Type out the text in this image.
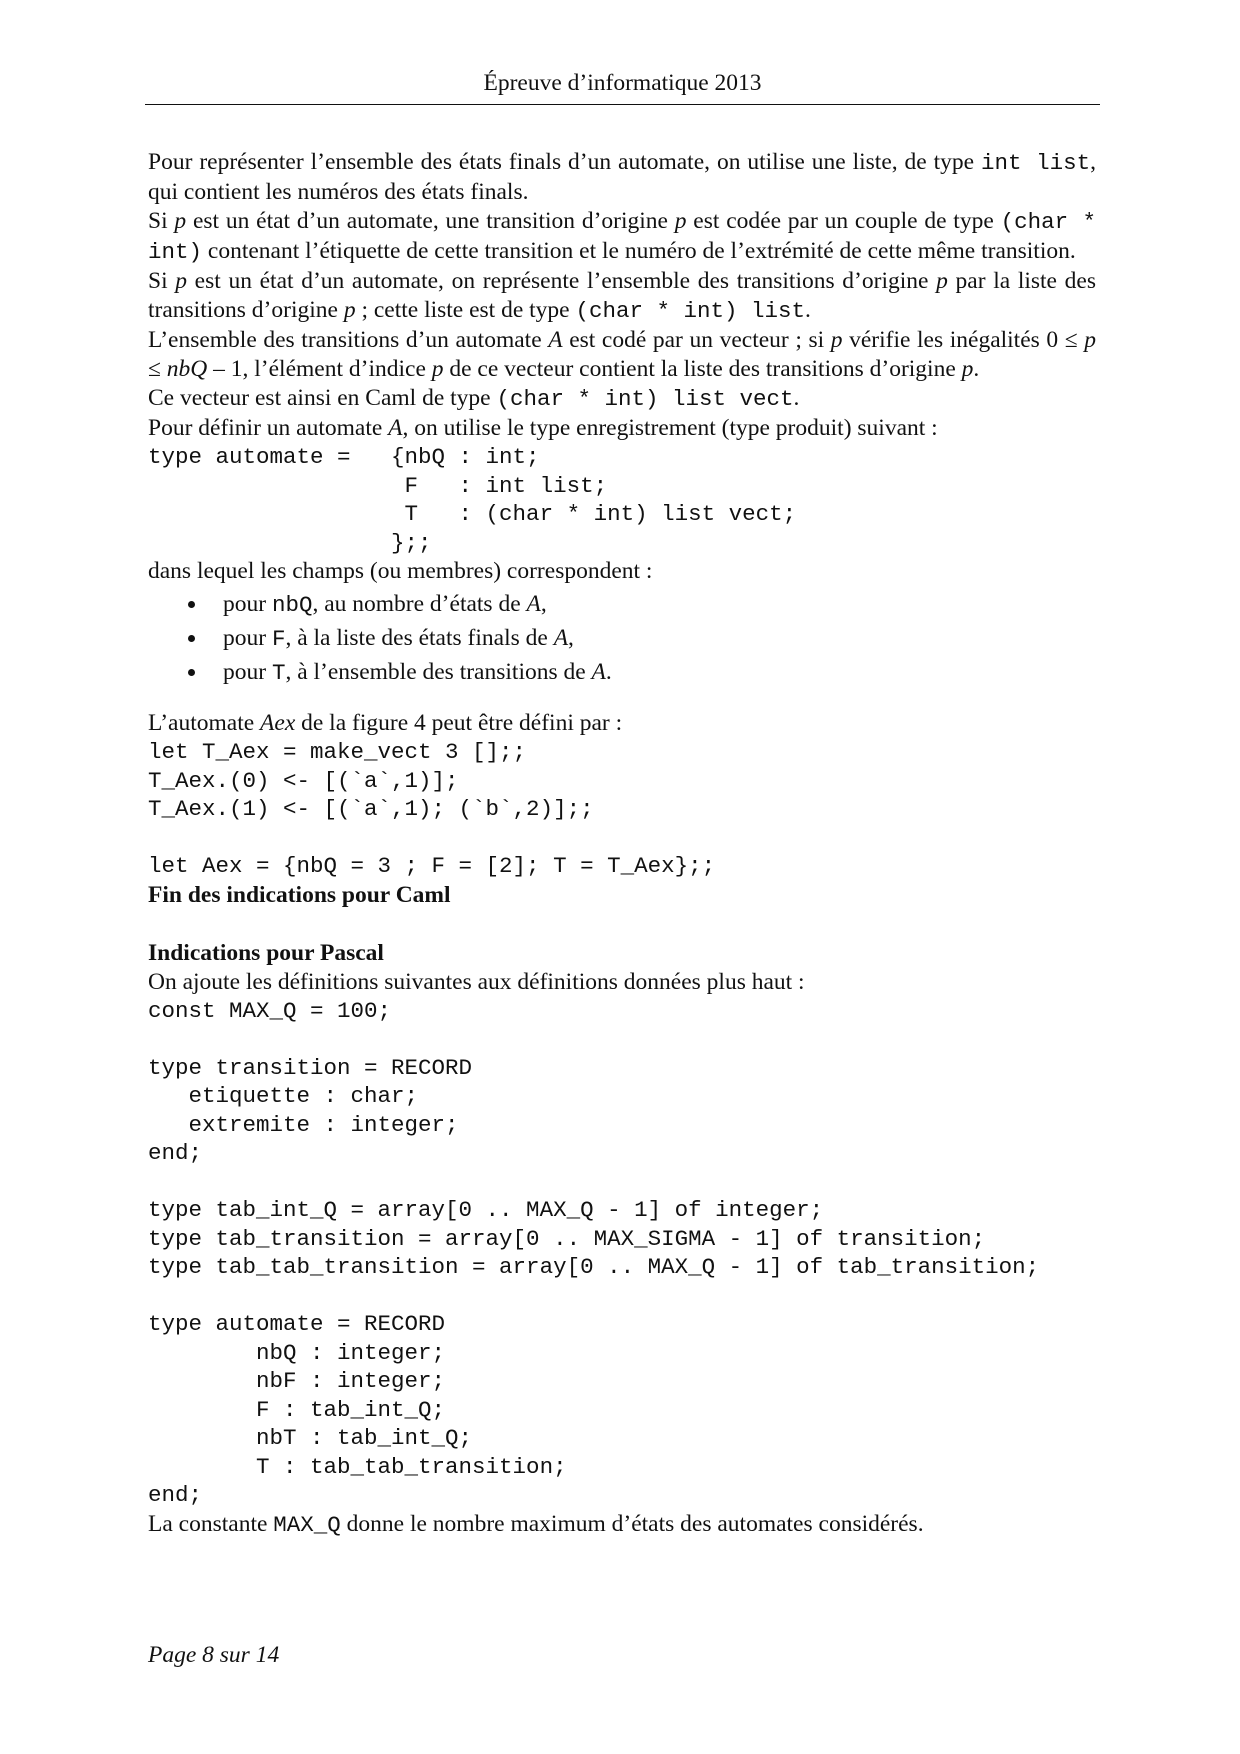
Épreuve d’informatique 2013

Pour représenter l’ensemble des états finals d’un automate, on utilise une liste, de type int list, qui contient les numéros des états finals.

Si p est un état d’un automate, une transition d’origine p est codée par un couple de type (char * int) contenant l’étiquette de cette transition et le numéro de l’extrémité de cette même transition.

Si p est un état d’un automate, on représente l’ensemble des transitions d’origine p par la liste des transitions d’origine p ; cette liste est de type (char * int) list.

L’ensemble des transitions d’un automate A est codé par un vecteur ; si p vérifie les inégalités 0 ≤ p ≤ nbQ – 1, l’élément d’indice p de ce vecteur contient la liste des transitions d’origine p.

Ce vecteur est ainsi en Caml de type (char * int) list vect.

Pour définir un automate A, on utilise le type enregistrement (type produit) suivant :

type automate =   {nbQ : int;
F   : int list;
T   : (char * int) list vect;
};;

dans lequel les champs (ou membres) correspondent :

pour nbQ, au nombre d’états de A,
pour F, à la liste des états finals de A,
pour T, à l’ensemble des transitions de A.

L’automate Aex de la figure 4 peut être défini par :

let T_Aex = make_vect 3 [];;
T_Aex.(0) <- [(`a`,1)];
T_Aex.(1) <- [(`a`,1); (`b`,2)];;

let Aex = {nbQ = 3 ; F = [2]; T = T_Aex};;

Fin des indications pour Caml

Indications pour Pascal

On ajoute les définitions suivantes aux définitions données plus haut :

const MAX_Q = 100;

type transition = RECORD
etiquette : char;
extremite : integer;
end;

type tab_int_Q = array[0 .. MAX_Q - 1] of integer;
type tab_transition = array[0 .. MAX_SIGMA - 1] of transition;
type tab_tab_transition = array[0 .. MAX_Q - 1] of tab_transition;

type automate = RECORD
nbQ : integer;
nbF : integer;
F : tab_int_Q;
nbT : tab_int_Q;
T : tab_tab_transition;
end;

La constante MAX_Q donne le nombre maximum d’états des automates considérés.

Page 8 sur 14
